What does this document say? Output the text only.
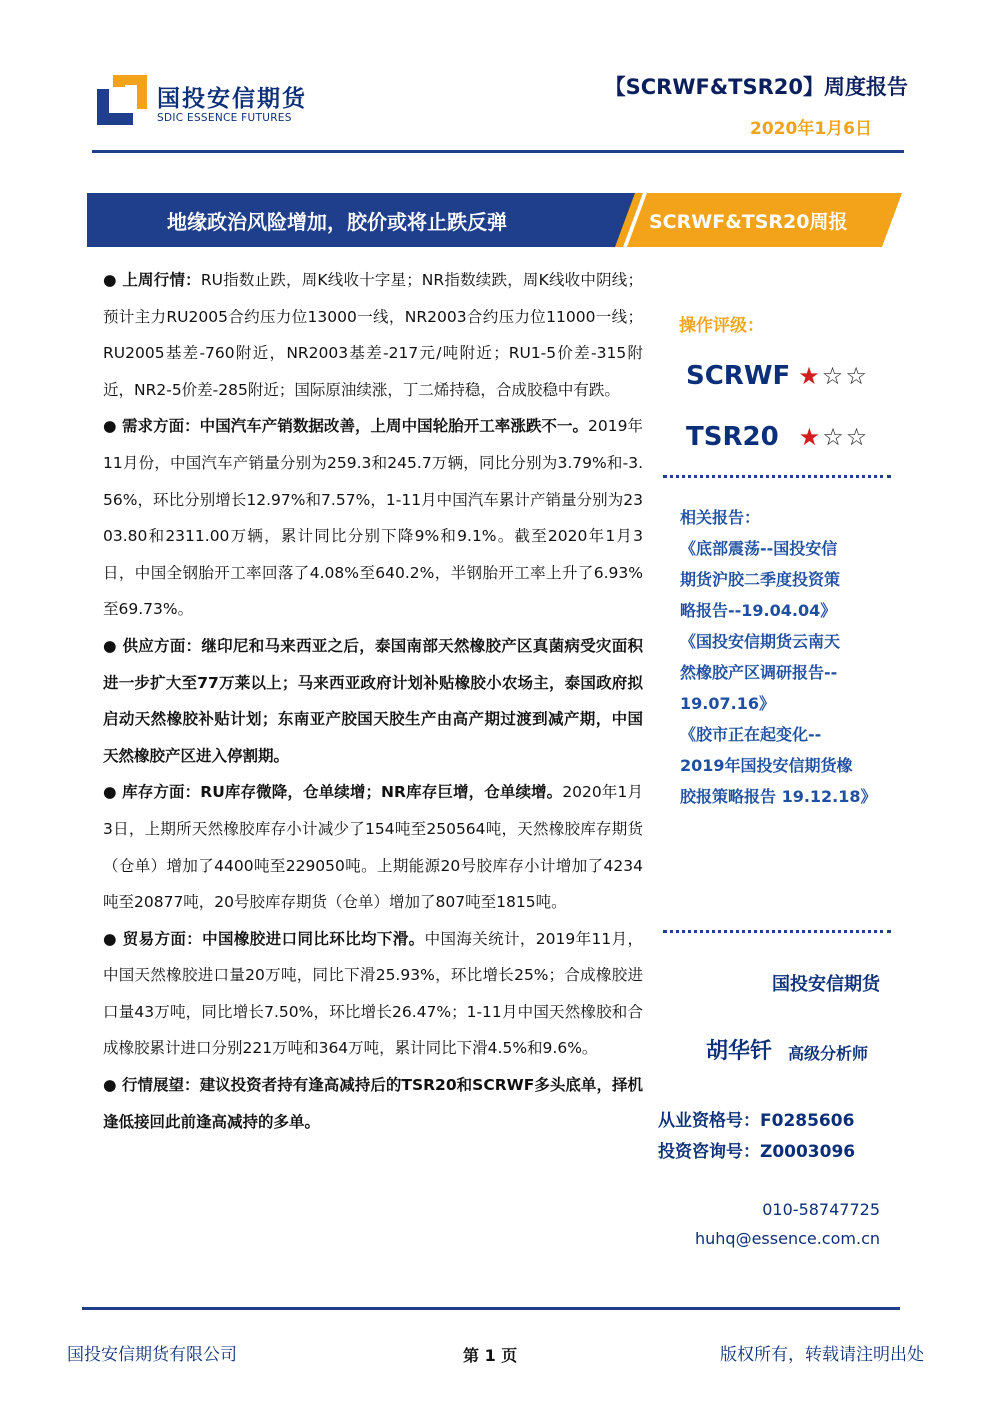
国投安信期货
SDIC ESSENCE FUTURES
【SCRWF&TSR20】周度报告
2020年1月6日
地缘政治风险增加，胶价或将止跌反弹	SCRWF&TSR20周报

● 上周行情：RU指数止跌，周K线收十字星；NR指数续跌，周K线收中阴线；预计主力RU2005合约压力位13000一线，NR2003合约压力位11000一线；RU2005基差-760附近，NR2003基差-217元/吨附近；RU1-5价差-315附近，NR2-5价差-285附近；国际原油续涨，丁二烯持稳，合成胶稳中有跌。

● 需求方面：中国汽车产销数据改善，上周中国轮胎开工率涨跌不一。2019年11月份，中国汽车产销量分别为259.3和245.7万辆，同比分别为3.79%和-3.56%，环比分别增长12.97%和7.57%，1-11月中国汽车累计产销量分别为2303.80和2311.00万辆，累计同比分别下降9%和9.1%。截至2020年1月3日，中国全钢胎开工率回落了4.08%至640.2%，半钢胎开工率上升了6.93%至69.73%。

● 供应方面：继印尼和马来西亚之后，泰国南部天然橡胶产区真菌病受灾面积进一步扩大至77万莱以上；马来西亚政府计划补贴橡胶小农场主，泰国政府拟启动天然橡胶补贴计划；东南亚产胶国天胶生产由高产期过渡到减产期，中国天然橡胶产区进入停割期。

● 库存方面：RU库存微降，仓单续增；NR库存巨增，仓单续增。2020年1月3日，上期所天然橡胶库存小计减少了154吨至250564吨，天然橡胶库存期货（仓单）增加了4400吨至229050吨。上期能源20号胶库存小计增加了4234吨至20877吨，20号胶库存期货（仓单）增加了807吨至1815吨。

● 贸易方面：中国橡胶进口同比环比均下滑。中国海关统计，2019年11月，中国天然橡胶进口量20万吨，同比下滑25.93%，环比增长25%；合成橡胶进口量43万吨，同比增长7.50%，环比增长26.47%；1-11月中国天然橡胶和合成橡胶累计进口分别221万吨和364万吨，累计同比下滑4.5%和9.6%。

● 行情展望：建议投资者持有逢高减持后的TSR20和SCRWF多头底单，择机逢低接回此前逢高减持的多单。

操作评级：
SCRWF ★☆☆
TSR20 ★☆☆
相关报告：
《底部震荡--国投安信
期货沪胶二季度投资策
略报告--19.04.04》
《国投安信期货云南天
然橡胶产区调研报告--
19.07.16》
《胶市正在起变化--
2019年国投安信期货橡
胶报策略报告 19.12.18》
国投安信期货
胡华钎 高级分析师
从业资格号：F0285606
投资咨询号：Z0003096
010-58747725
huhq@essence.com.cn
国投安信期货有限公司	第 1 页	版权所有，转载请注明出处
